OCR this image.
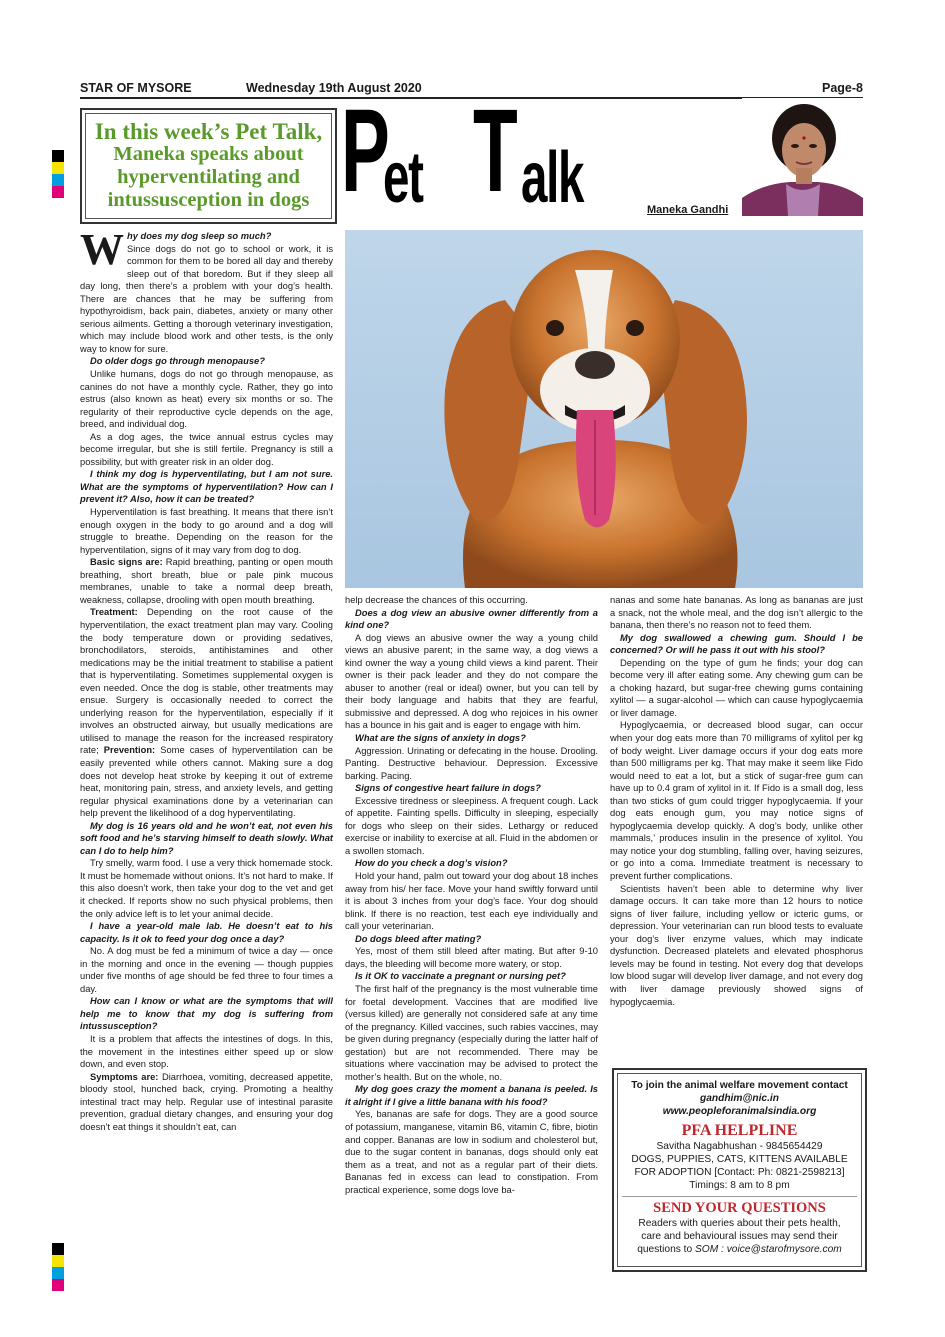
STAR OF MYSORE	Wednesday 19th August 2020	Page-8
In this week’s Pet Talk,
Maneka speaks about hyperventilating and intussusception in dogs P
et T alk	Maneka Gandhi

Why does my dog sleep so much?
Since dogs do not go to school or work, it is common for them to be bored all day and thereby sleep out of that boredom. But if they sleep all day long, then there’s a problem with your dog’s health. There are chances that he may be suffering from hypothyroidism, back pain, diabetes, anxiety or many other serious ailments. Getting a thorough veterinary investigation, which may include blood work and other tests, is the only way to know for sure.

Do older dogs go through menopause?

Unlike humans, dogs do not go through menopause, as canines do not have a monthly cycle. Rather, they go into estrus (also known as heat) every six months or so. The regularity of their reproductive cycle depends on the age, breed, and individual dog.

As a dog ages, the twice annual estrus cycles may become irregular, but she is still fertile. Pregnancy is still a possibility, but with greater risk in an older dog.

I think my dog is hyperventilating, but I am not sure. What are the symptoms of hyperventilation? How can I prevent it? Also, how it can be treated?

Hyperventilation is fast breathing. It means that there isn’t enough oxygen in the body to go around and a dog will struggle to breathe. Depending on the reason for the hyperventilation, signs of it may vary from dog to dog.

Basic signs are: Rapid breathing, panting or open mouth breathing, short breath, blue or pale pink mucous membranes, unable to take a normal deep breath, weakness, collapse, drooling with open mouth breathing.

Treatment: Depending on the root cause of the hyperventilation, the exact treatment plan may vary. Cooling the body temperature down or providing sedatives, bronchodilators, steroids, antihistamines and other medications may be the initial treatment to stabilise a patient that is hyperventilating. Sometimes supplemental oxygen is even needed. Once the dog is stable, other treatments may ensue. Surgery is occasionally needed to correct the underlying reason for the hyperventilation, especially if it involves an obstructed airway, but usually medications are utilised to manage the reason for the increased respiratory rate; Prevention: Some cases of hyperventilation can be easily prevented while others cannot. Making sure a dog does not develop heat stroke by keeping it out of extreme heat, monitoring pain, stress, and anxiety levels, and getting regular physical examinations done by a veterinarian can help prevent the likelihood of a dog hyperventilating.

My dog is 16 years old and he won’t eat, not even his soft food and he’s starving himself to death slowly. What can I do to help him?

Try smelly, warm food. I use a very thick homemade stock. It must be homemade without onions. It’s not hard to make. If this also doesn’t work, then take your dog to the vet and get it checked. If reports show no such physical problems, then the only advice left is to let your animal decide.

I have a year-old male lab. He doesn’t eat to his capacity. Is it ok to feed your dog once a day?

No. A dog must be fed a minimum of twice a day — once in the morning and once in the evening — though puppies under five months of age should be fed three to four times a day.

How can I know or what are the symptoms that will help me to know that my dog is suffering from intussusception?

It is a problem that affects the intestines of dogs. In this, the movement in the intestines either speed up or slow down, and even stop.

Symptoms are: Diarrhoea, vomiting, decreased appetite, bloody stool, hunched back, crying. Promoting a healthy intestinal tract may help. Regular use of intestinal parasite prevention, gradual dietary changes, and ensuring your dog doesn’t eat things it shouldn’t eat, can

help decrease the chances of this occurring.

Does a dog view an abusive owner differently from a kind one?

A dog views an abusive owner the way a young child views an abusive parent; in the same way, a dog views a kind owner the way a young child views a kind parent. Their owner is their pack leader and they do not compare the abuser to another (real or ideal) owner, but you can tell by their body language and habits that they are fearful, submissive and depressed. A dog who rejoices in his owner has a bounce in his gait and is eager to engage with him.

What are the signs of anxiety in dogs?

Aggression. Urinating or defecating in the house. Drooling. Panting. Destructive behaviour. Depression. Excessive barking. Pacing.

Signs of congestive heart failure in dogs?

Excessive tiredness or sleepiness. A frequent cough. Lack of appetite. Fainting spells. Difficulty in sleeping, especially for dogs who sleep on their sides. Lethargy or reduced exercise or inability to exercise at all. Fluid in the abdomen or a swollen stomach.

How do you check a dog’s vision?

Hold your hand, palm out toward your dog about 18 inches away from his/ her face. Move your hand swiftly forward until it is about 3 inches from your dog’s face. Your dog should blink. If there is no reaction, test each eye individually and call your veterinarian.

Do dogs bleed after mating?

Yes, most of them still bleed after mating. But after 9-10 days, the bleeding will become more watery, or stop.

Is it OK to vaccinate a pregnant or nursing pet?

The first half of the pregnancy is the most vulnerable time for foetal development. Vaccines that are modified live (versus killed) are generally not considered safe at any time of the pregnancy. Killed vaccines, such rabies vaccines, may be given during pregnancy (especially during the latter half of gestation) but are not recommended. There may be situations where vaccination may be advised to protect the mother’s health. But on the whole, no.

My dog goes crazy the moment a banana is peeled. Is it alright if I give a little banana with his food?

Yes, bananas are safe for dogs. They are a good source of potassium, manganese, vitamin B6, vitamin C, fibre, biotin and copper. Bananas are low in sodium and cholesterol but, due to the sugar content in bananas, dogs should only eat them as a treat, and not as a regular part of their diets. Bananas fed in excess can lead to constipation. From practical experience, some dogs love ba-

nanas and some hate bananas. As long as bananas are just a snack, not the whole meal, and the dog isn’t allergic to the banana, then there’s no reason not to feed them.

My dog swallowed a chewing gum. Should I be concerned? Or will he pass it out with his stool?

Depending on the type of gum he finds; your dog can become very ill after eating some. Any chewing gum can be a choking hazard, but sugar-free chewing gums containing xylitol — a sugar-alcohol — which can cause hypoglycaemia or liver damage.

Hypoglycaemia, or decreased blood sugar, can occur when your dog eats more than 70 milligrams of xylitol per kg of body weight. Liver damage occurs if your dog eats more than 500 milligrams per kg. That may make it seem like Fido would need to eat a lot, but a stick of sugar-free gum can have up to 0.4 gram of xylitol in it. If Fido is a small dog, less than two sticks of gum could trigger hypoglycaemia. If your dog eats enough gum, you may notice signs of hypoglycaemia develop quickly. A dog’s body, unlike other mammals,’ produces insulin in the presence of xylitol. You may notice your dog stumbling, falling over, having seizures, or go into a coma. Immediate treatment is necessary to prevent further complications.

Scientists haven’t been able to determine why liver damage occurs. It can take more than 12 hours to notice signs of liver failure, including yellow or icteric gums, or depression. Your veterinarian can run blood tests to evaluate your dog’s liver enzyme values, which may indicate dysfunction. Decreased platelets and elevated phosphorus levels may be found in testing. Not every dog that develops low blood sugar will develop liver damage, and not every dog with liver damage previously showed signs of hypoglycaemia.

To join the animal welfare movement contact
gandhim@nic.in
www.peopleforanimalsindia.org
PFA HELPLINE
Savitha Nagabhushan - 9845654429
DOGS, PUPPIES, CATS, KITTENS AVAILABLE
FOR ADOPTION [Contact: Ph: 0821-2598213]
Timings: 8 am to 8 pm
SEND YOUR QUESTIONS
Readers with queries about their pets health,
care and behavioural issues may send their
questions to SOM : voice@starofmysore.com
